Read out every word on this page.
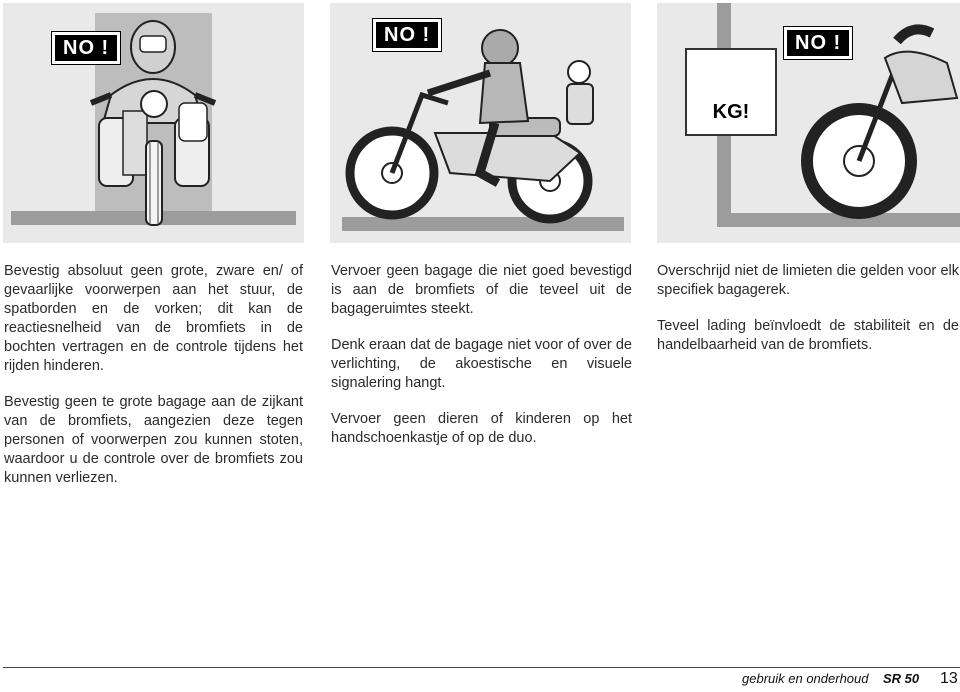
NO !
NO !
KG!
NO !

Bevestig absoluut geen grote, zware en/ of gevaarlijke voorwerpen aan het stuur, de spatborden en de vorken; dit kan de reactiesnelheid van de bromfiets in de bochten vertragen en de controle tijdens het rijden hinderen.

Bevestig geen te grote bagage aan de zijkant van de bromfiets, aangezien deze tegen personen of voorwerpen zou kunnen stoten, waardoor u de controle over de bromfiets zou kunnen verliezen.

Vervoer geen bagage die niet goed bevestigd is aan de bromfiets of die teveel uit de bagageruimtes steekt.

Denk eraan dat de bagage niet voor of over de verlichting, de akoestische en visuele signalering hangt.

Vervoer geen dieren of kinderen op het handschoenkastje of op de duo.

Overschrijd niet de limieten die gelden voor elk specifiek bagagerek.

Teveel lading beïnvloedt de stabiliteit en de handelbaarheid van de bromfiets.

gebruik en onderhoud SR 50 13
